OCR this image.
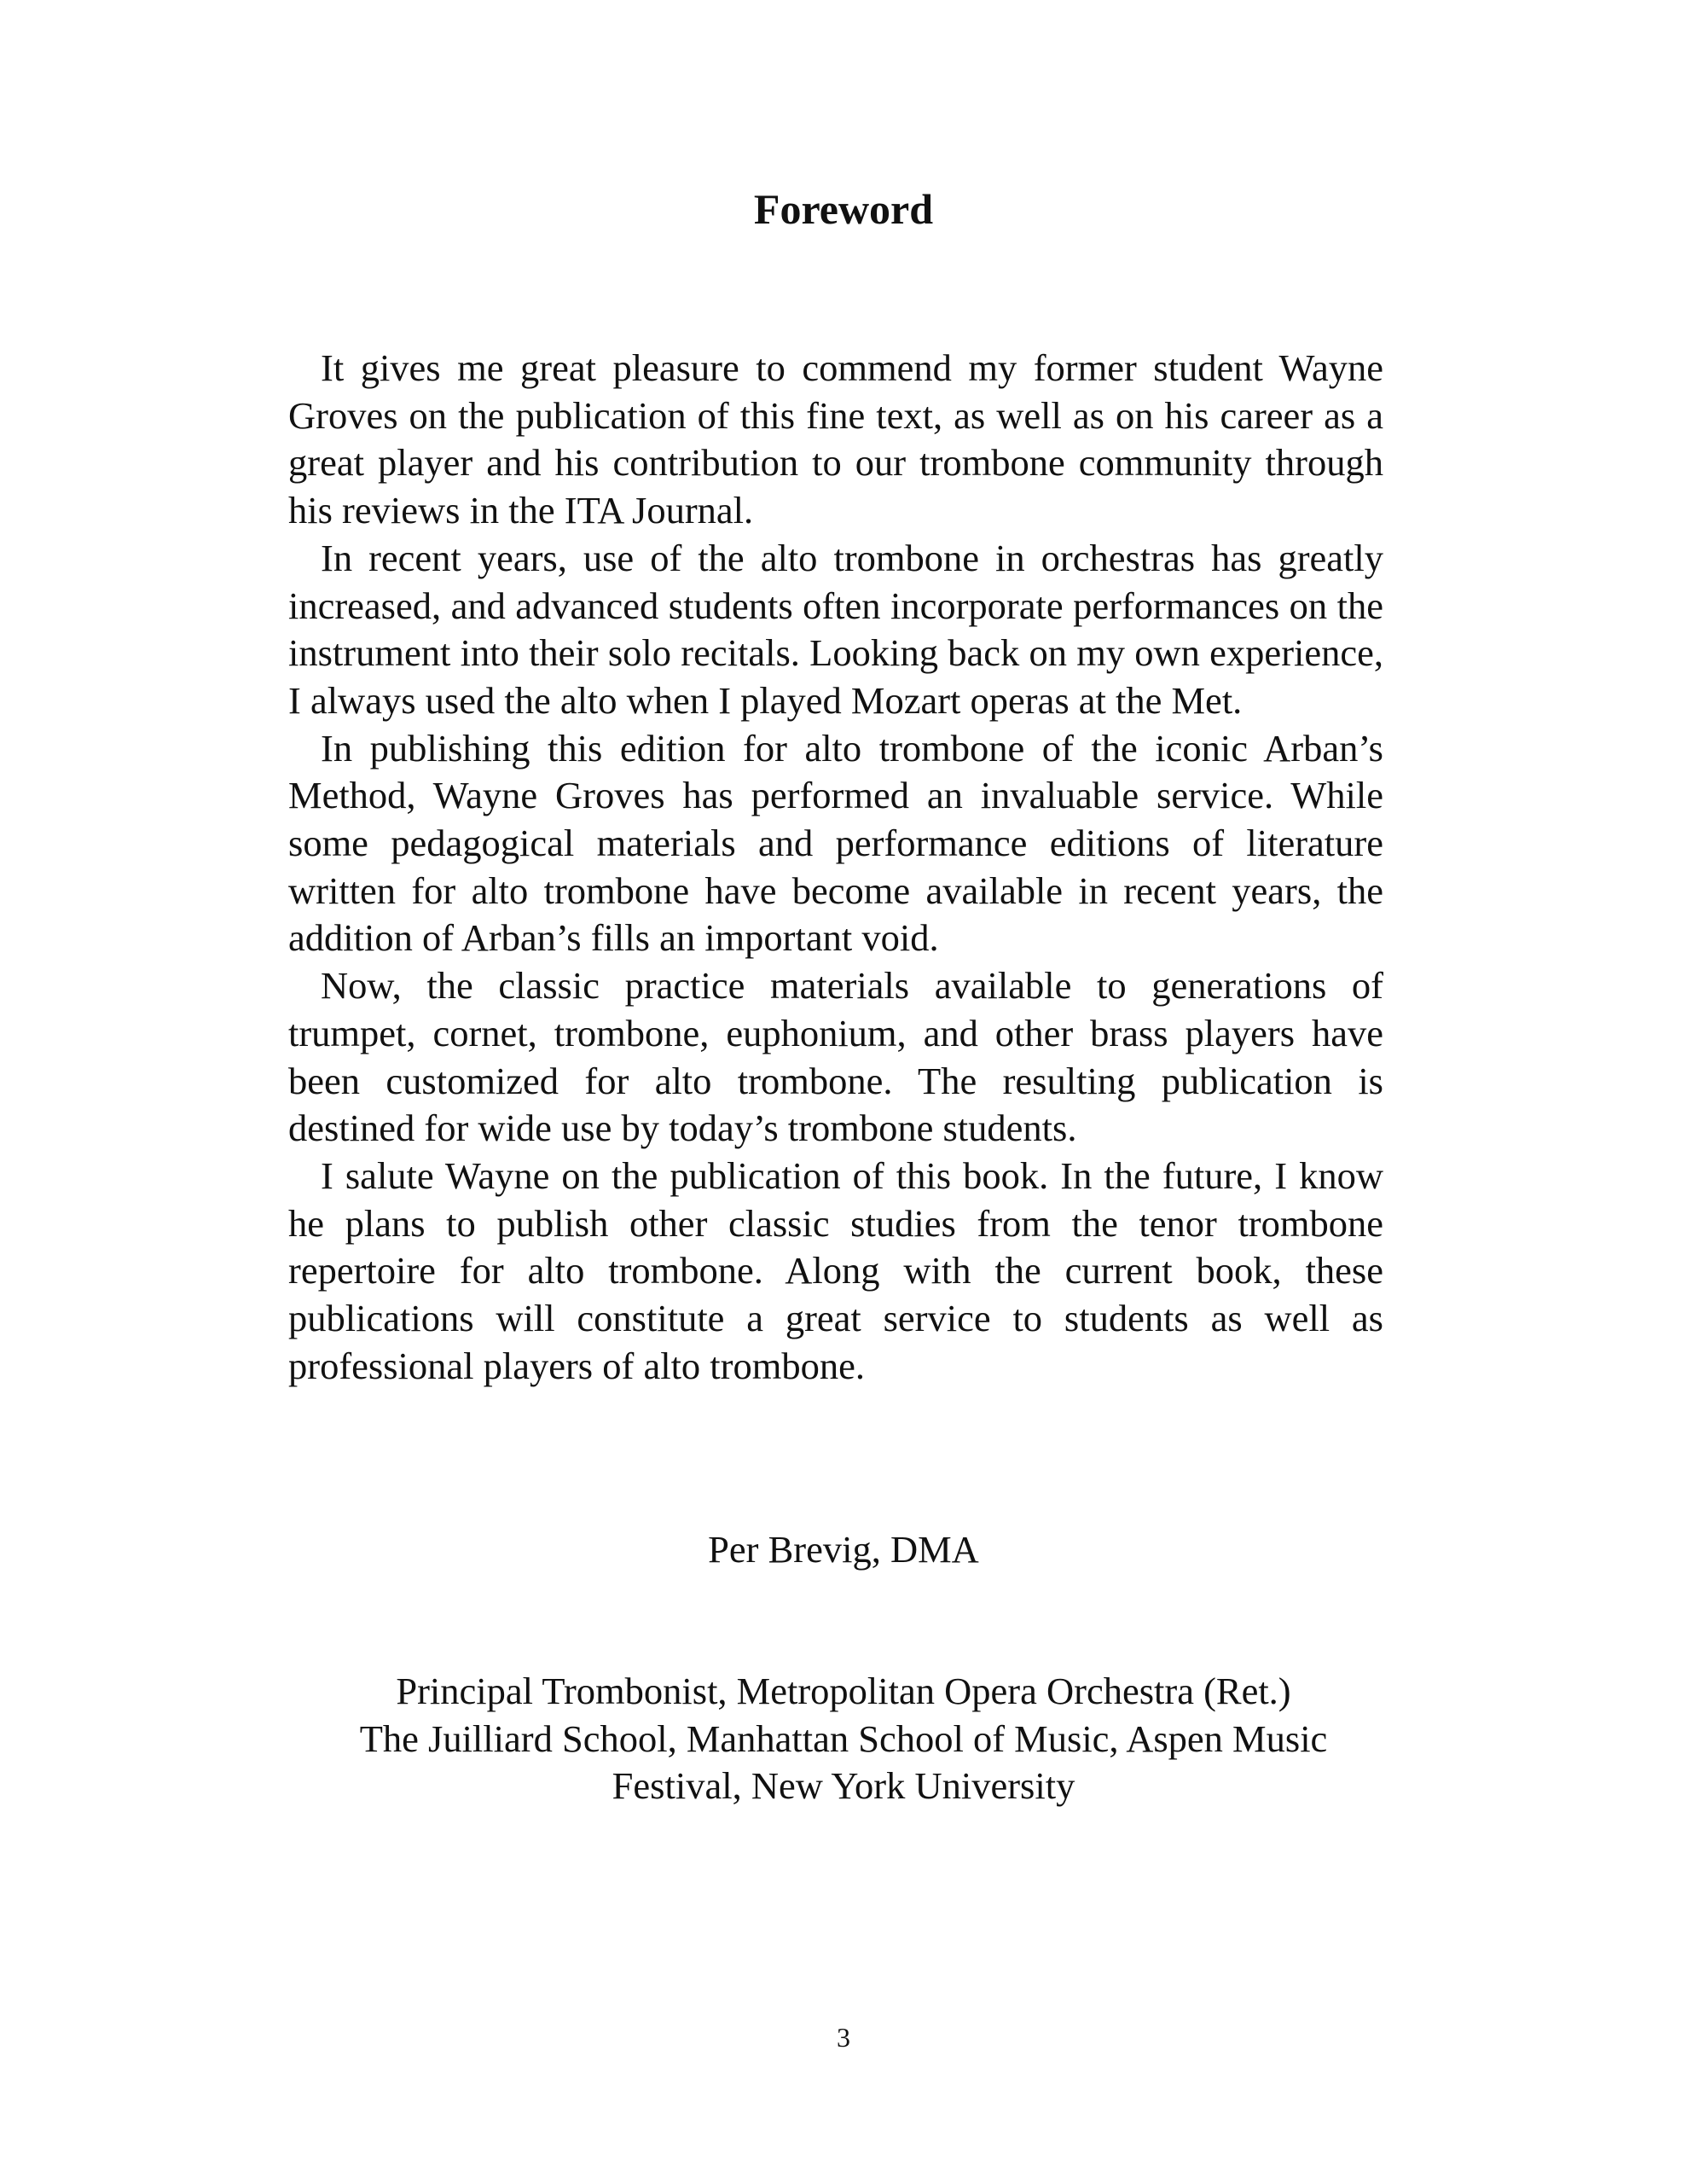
Foreword

It gives me great pleasure to commend my former student Wayne Groves on the publication of this fine text, as well as on his career as a great player and his contribution to our trombone community through his reviews in the ITA Journal.

In recent years, use of the alto trombone in orchestras has greatly increased, and advanced students often incorporate performances on the instrument into their solo recitals. Looking back on my own experience, I always used the alto when I played Mozart operas at the Met.

In publishing this edition for alto trombone of the iconic Arban’s Method, Wayne Groves has performed an invaluable service. While some pedagogical materials and performance editions of literature written for alto trombone have become available in recent years, the addition of Arban’s fills an important void.

Now, the classic practice materials available to generations of trumpet, cornet, trombone, euphonium, and other brass players have been customized for alto trombone. The resulting publication is destined for wide use by today’s trombone students.

I salute Wayne on the publication of this book. In the future, I know he plans to publish other classic studies from the tenor trombone repertoire for alto trombone. Along with the current book, these publications will constitute a great service to students as well as professional players of alto trombone.

Per Brevig, DMA
Principal Trombonist, Metropolitan Opera Orchestra (Ret.)
The Juilliard School, Manhattan School of Music, Aspen Music
Festival, New York University
3
